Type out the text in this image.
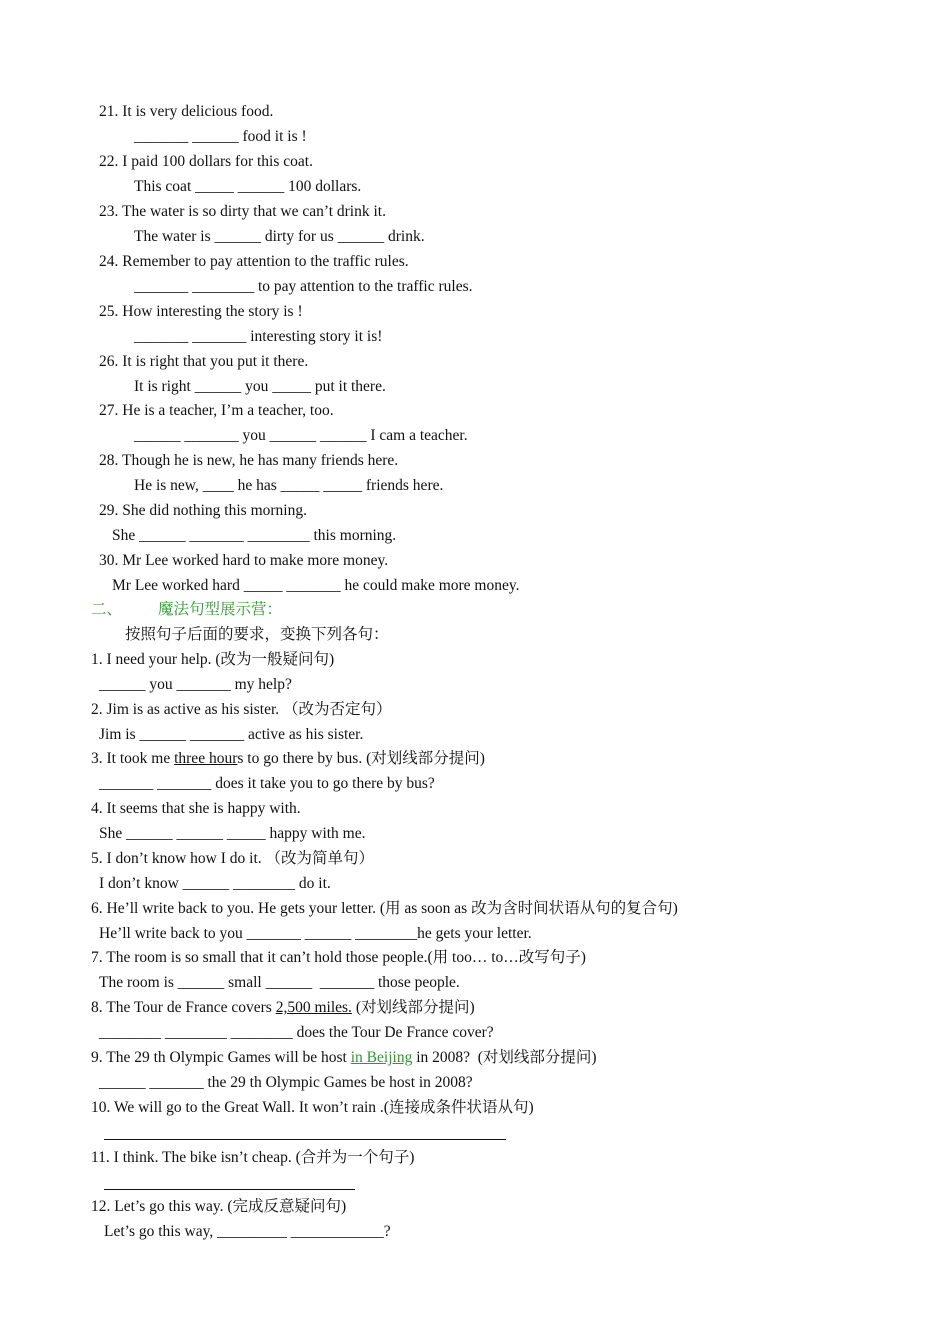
21. It is very delicious food.
_______ ______ food it is !
22. I paid 100 dollars for this coat.
This coat _____ ______ 100 dollars.
23. The water is so dirty that we can’t drink it.
The water is ______ dirty for us ______ drink.
24. Remember to pay attention to the traffic rules.
_______ ________ to pay attention to the traffic rules.
25. How interesting the story is !
_______ _______ interesting story it is!
26. It is right that you put it there.
It is right ______ you _____ put it there.
27. He is a teacher, I’m a teacher, too.
______ _______ you ______ ______ I cam a teacher.
28. Though he is new, he has many friends here.
He is new, ____ he has _____ _____ friends here.
29. She did nothing this morning.
She ______ _______ ________ this morning.
30. Mr Lee worked hard to make more money.
Mr Lee worked hard _____ _______ he could make more money.
二、 魔法句型展示营：
按照句子后面的要求，变换下列各句：
1. I need your help. (改为一般疑问句)
______ you _______ my help?
2. Jim is as active as his sister. （改为否定句）
Jim is ______ _______ active as his sister.
3. It took me three hours to go there by bus. (对划线部分提问)
_______ _______ does it take you to go there by bus?
4. It seems that she is happy with.
She ______ ______ _____ happy with me.
5. I don’t know how I do it. （改为简单句）
I don’t know ______ ________ do it.
6. He’ll write back to you. He gets your letter. (用 as soon as 改为含时间状语从句的复合句)
He’ll write back to you _______ ______ ________he gets your letter.
7. The room is so small that it can’t hold those people.(用 too… to…改写句子)
The room is ______ small ______  _______ those people.
8. The Tour de France covers 2,500 miles. (对划线部分提问)
________ ________ ________ does the Tour De France cover?
9. The 29 th Olympic Games will be host in Beijing in 2008?  (对划线部分提问)
______ _______ the 29 th Olympic Games be host in 2008?
10. We will go to the Great Wall. It won’t rain .(连接成条件状语从句)
11. I think. The bike isn’t cheap. (合并为一个句子)
12. Let’s go this way. (完成反意疑问句)
Let’s go this way, _________ ____________?
